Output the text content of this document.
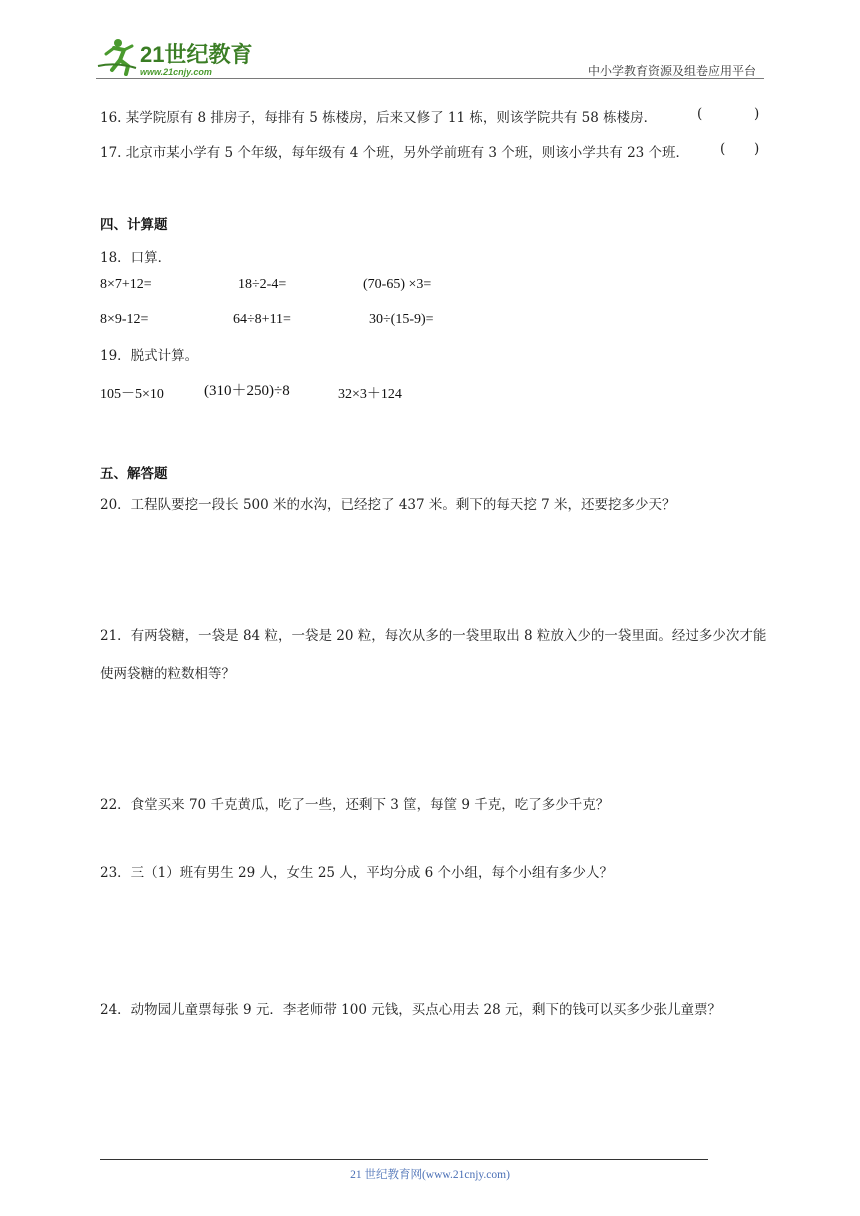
21世纪教育
www.21cnjy.com	中小学教育资源及组卷应用平台
16. 某学院原有 8 排房子，每排有 5 栋楼房，后来又修了 11 栋，则该学院共有 58 栋楼房．	(	)
17. 北京市某小学有 5 个年级，每年级有 4 个班，另外学前班有 3 个班，则该小学共有 23 个班． ( )
四、计算题
18．口算．
8×7+12=	18÷2-4=	(70-65) ×3=
8×9-12=	64÷8+11=	30÷(15-9)=
19．脱式计算。
105－5×10	(310＋250)÷8	32×3＋124
五、解答题
20．工程队要挖一段长 500 米的水沟，已经挖了 437 米。剩下的每天挖 7 米，还要挖多少天？
21．有两袋糖，一袋是 84 粒，一袋是 20 粒，每次从多的一袋里取出 8 粒放入少的一袋里面。经过多少次才能使两袋糖的粒数相等？
22．食堂买来 70 千克黄瓜，吃了一些，还剩下 3 筐，每筐 9 千克，吃了多少千克？
23．三（1）班有男生 29 人，女生 25 人，平均分成 6 个小组，每个小组有多少人？
24．动物园儿童票每张 9 元．李老师带 100 元钱，买点心用去 28 元，剩下的钱可以买多少张儿童票？
21 世纪教育网(www.21cnjy.com)
